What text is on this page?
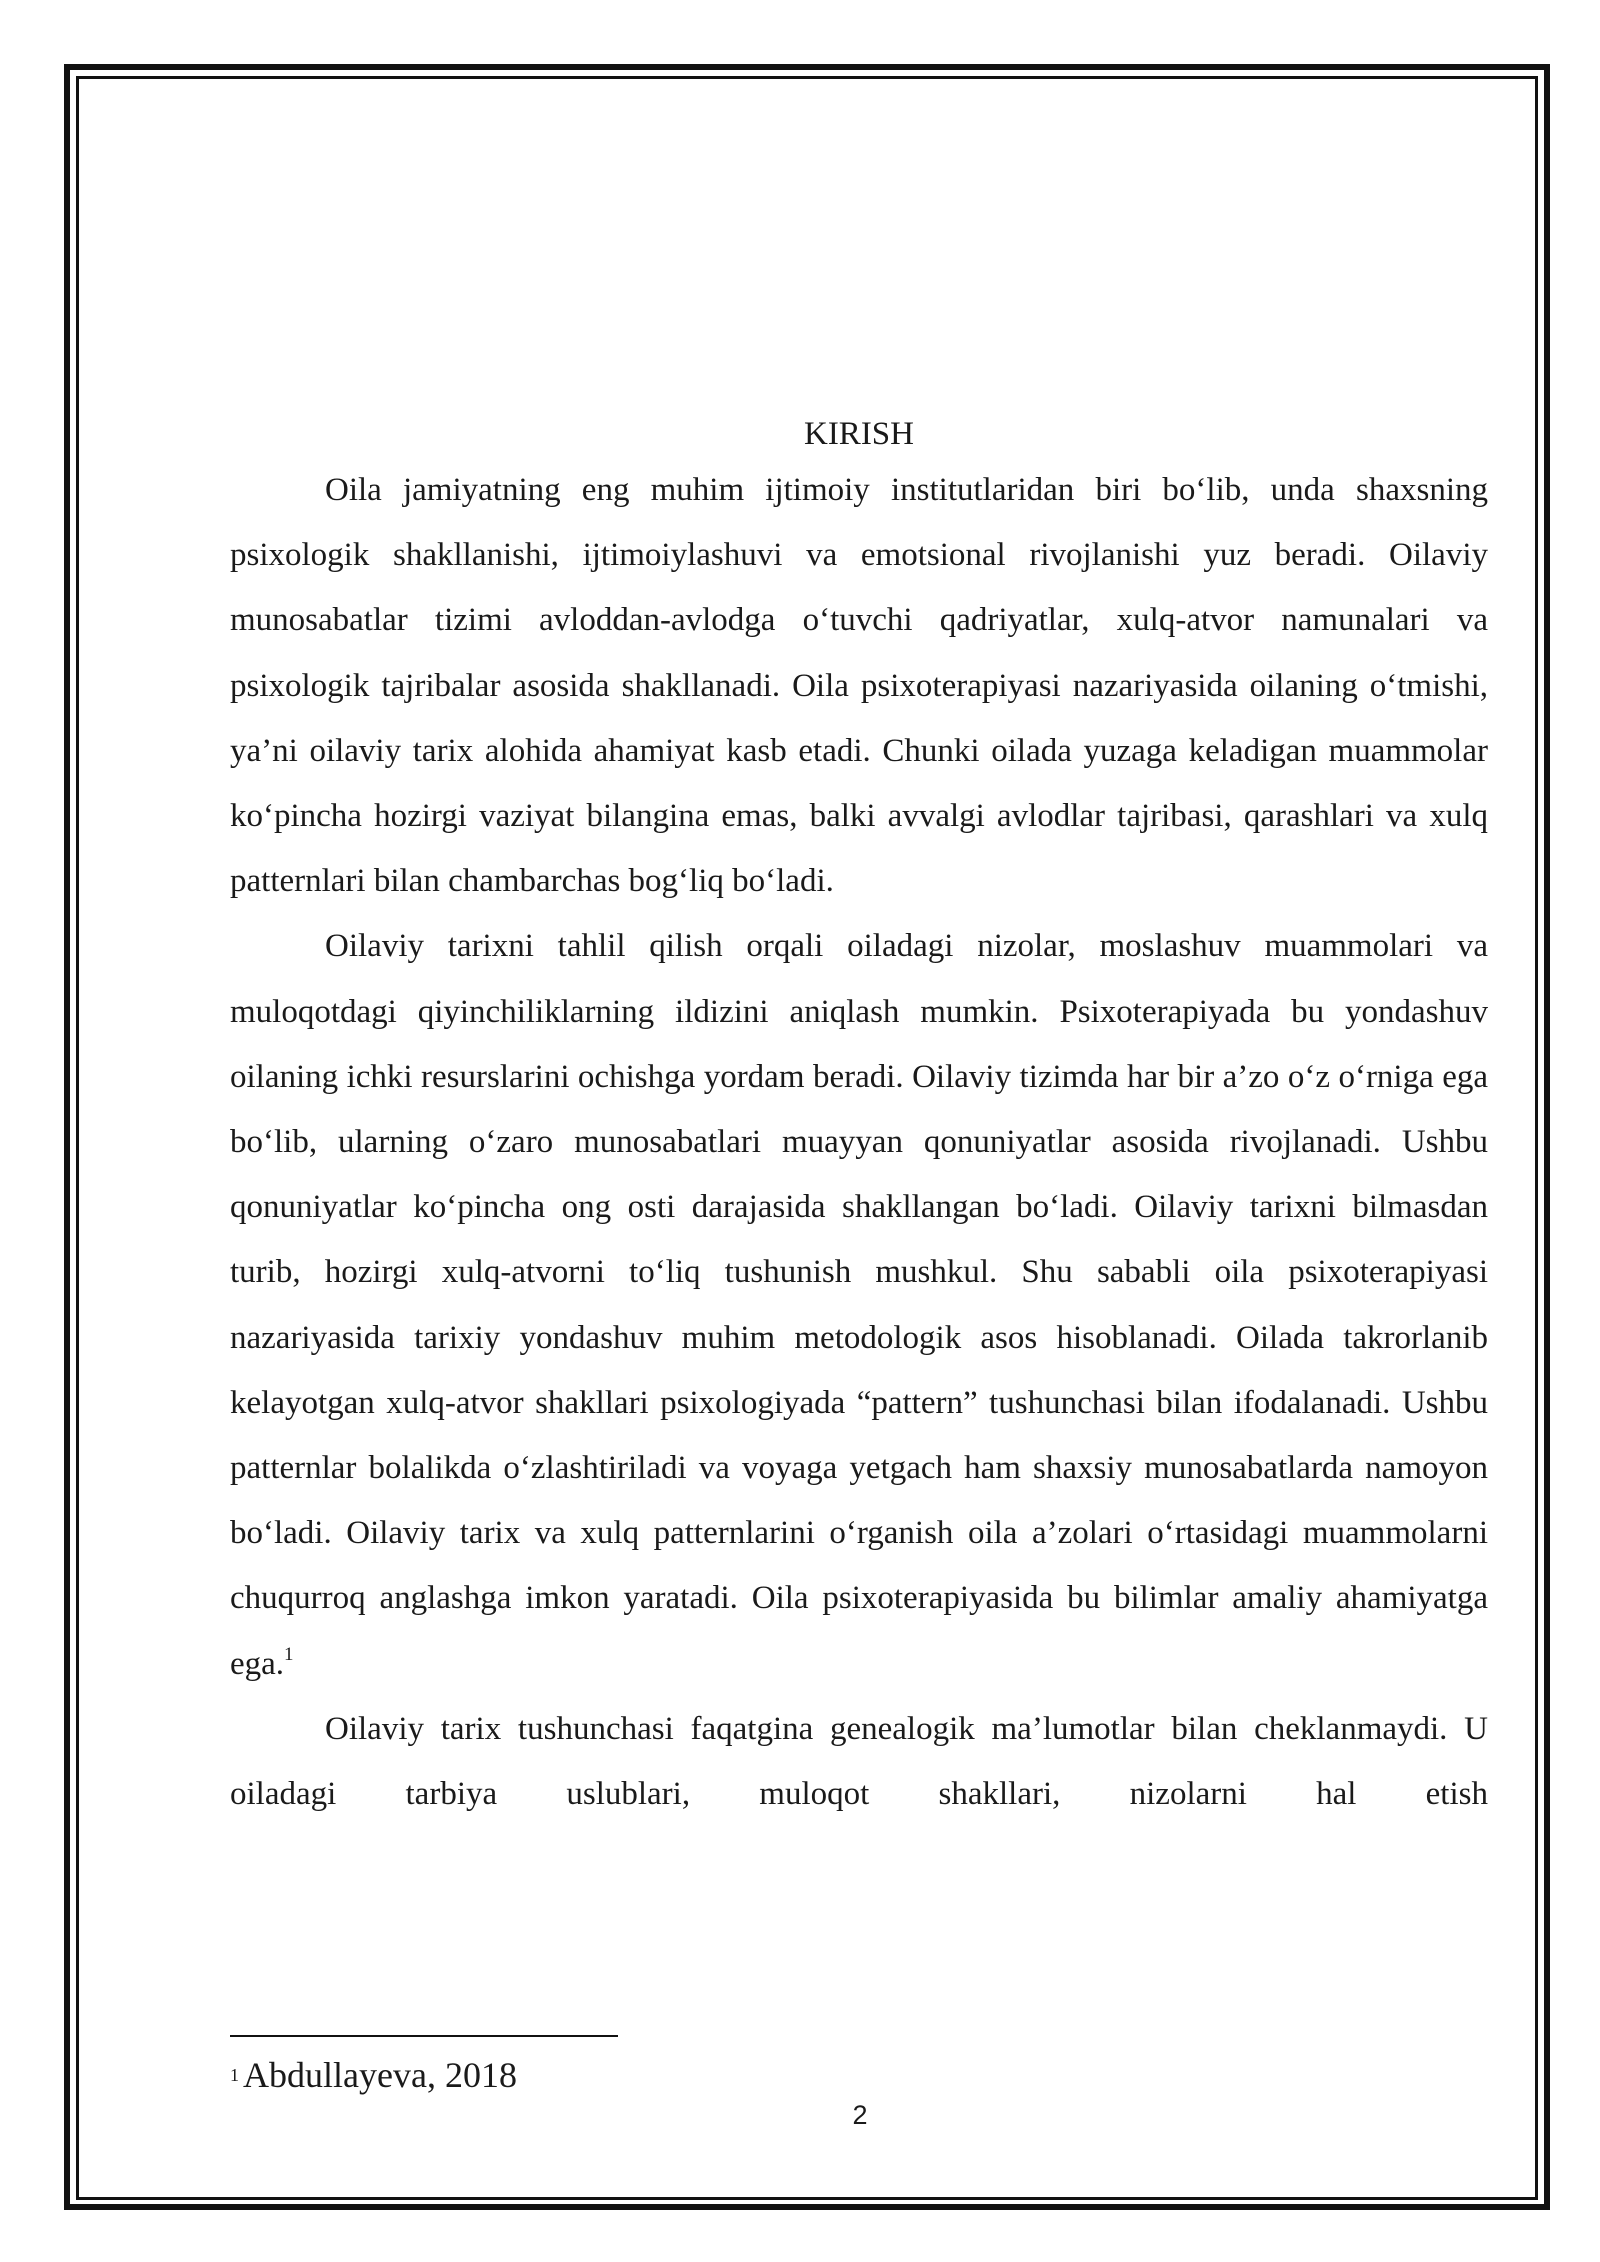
KIRISH

Oila jamiyatning eng muhim ijtimoiy institutlaridan biri bo‘lib, unda shaxsning psixologik shakllanishi, ijtimoiylashuvi va emotsional rivojlanishi yuz beradi. Oilaviy munosabatlar tizimi avloddan-avlodga o‘tuvchi qadriyatlar, xulq-atvor namunalari va psixologik tajribalar asosida shakllanadi. Oila psixoterapiyasi nazariyasida oilaning o‘tmishi, ya’ni oilaviy tarix alohida ahamiyat kasb etadi. Chunki oilada yuzaga keladigan muammolar ko‘pincha hozirgi vaziyat bilangina emas, balki avvalgi avlodlar tajribasi, qarashlari va xulq patternlari bilan chambarchas bog‘liq bo‘ladi.

Oilaviy tarixni tahlil qilish orqali oiladagi nizolar, moslashuv muammolari va muloqotdagi qiyinchiliklarning ildizini aniqlash mumkin. Psixoterapiyada bu yondashuv oilaning ichki resurslarini ochishga yordam beradi. Oilaviy tizimda har bir a’zo o‘z o‘rniga ega bo‘lib, ularning o‘zaro munosabatlari muayyan qonuniyatlar asosida rivojlanadi. Ushbu qonuniyatlar ko‘pincha ong osti darajasida shakllangan bo‘ladi. Oilaviy tarixni bilmasdan turib, hozirgi xulq-atvorni to‘liq tushunish mushkul. Shu sababli oila psixoterapiyasi nazariyasida tarixiy yondashuv muhim metodologik asos hisoblanadi. Oilada takrorlanib kelayotgan xulq-atvor shakllari psixologiyada “pattern” tushunchasi bilan ifodalanadi. Ushbu patternlar bolalikda o‘zlashtiriladi va voyaga yetgach ham shaxsiy munosabatlarda namoyon bo‘ladi. Oilaviy tarix va xulq patternlarini o‘rganish oila a’zolari o‘rtasidagi muammolarni chuqurroq anglashga imkon yaratadi. Oila psixoterapiyasida bu bilimlar amaliy ahamiyatga ega.$^1$

Oilaviy tarix tushunchasi faqatgina genealogik ma’lumotlar bilan cheklanmaydi. U oiladagi tarbiya uslublari, muloqot shakllari, nizolarni hal etish

1 Abdullayeva, 2018
2
